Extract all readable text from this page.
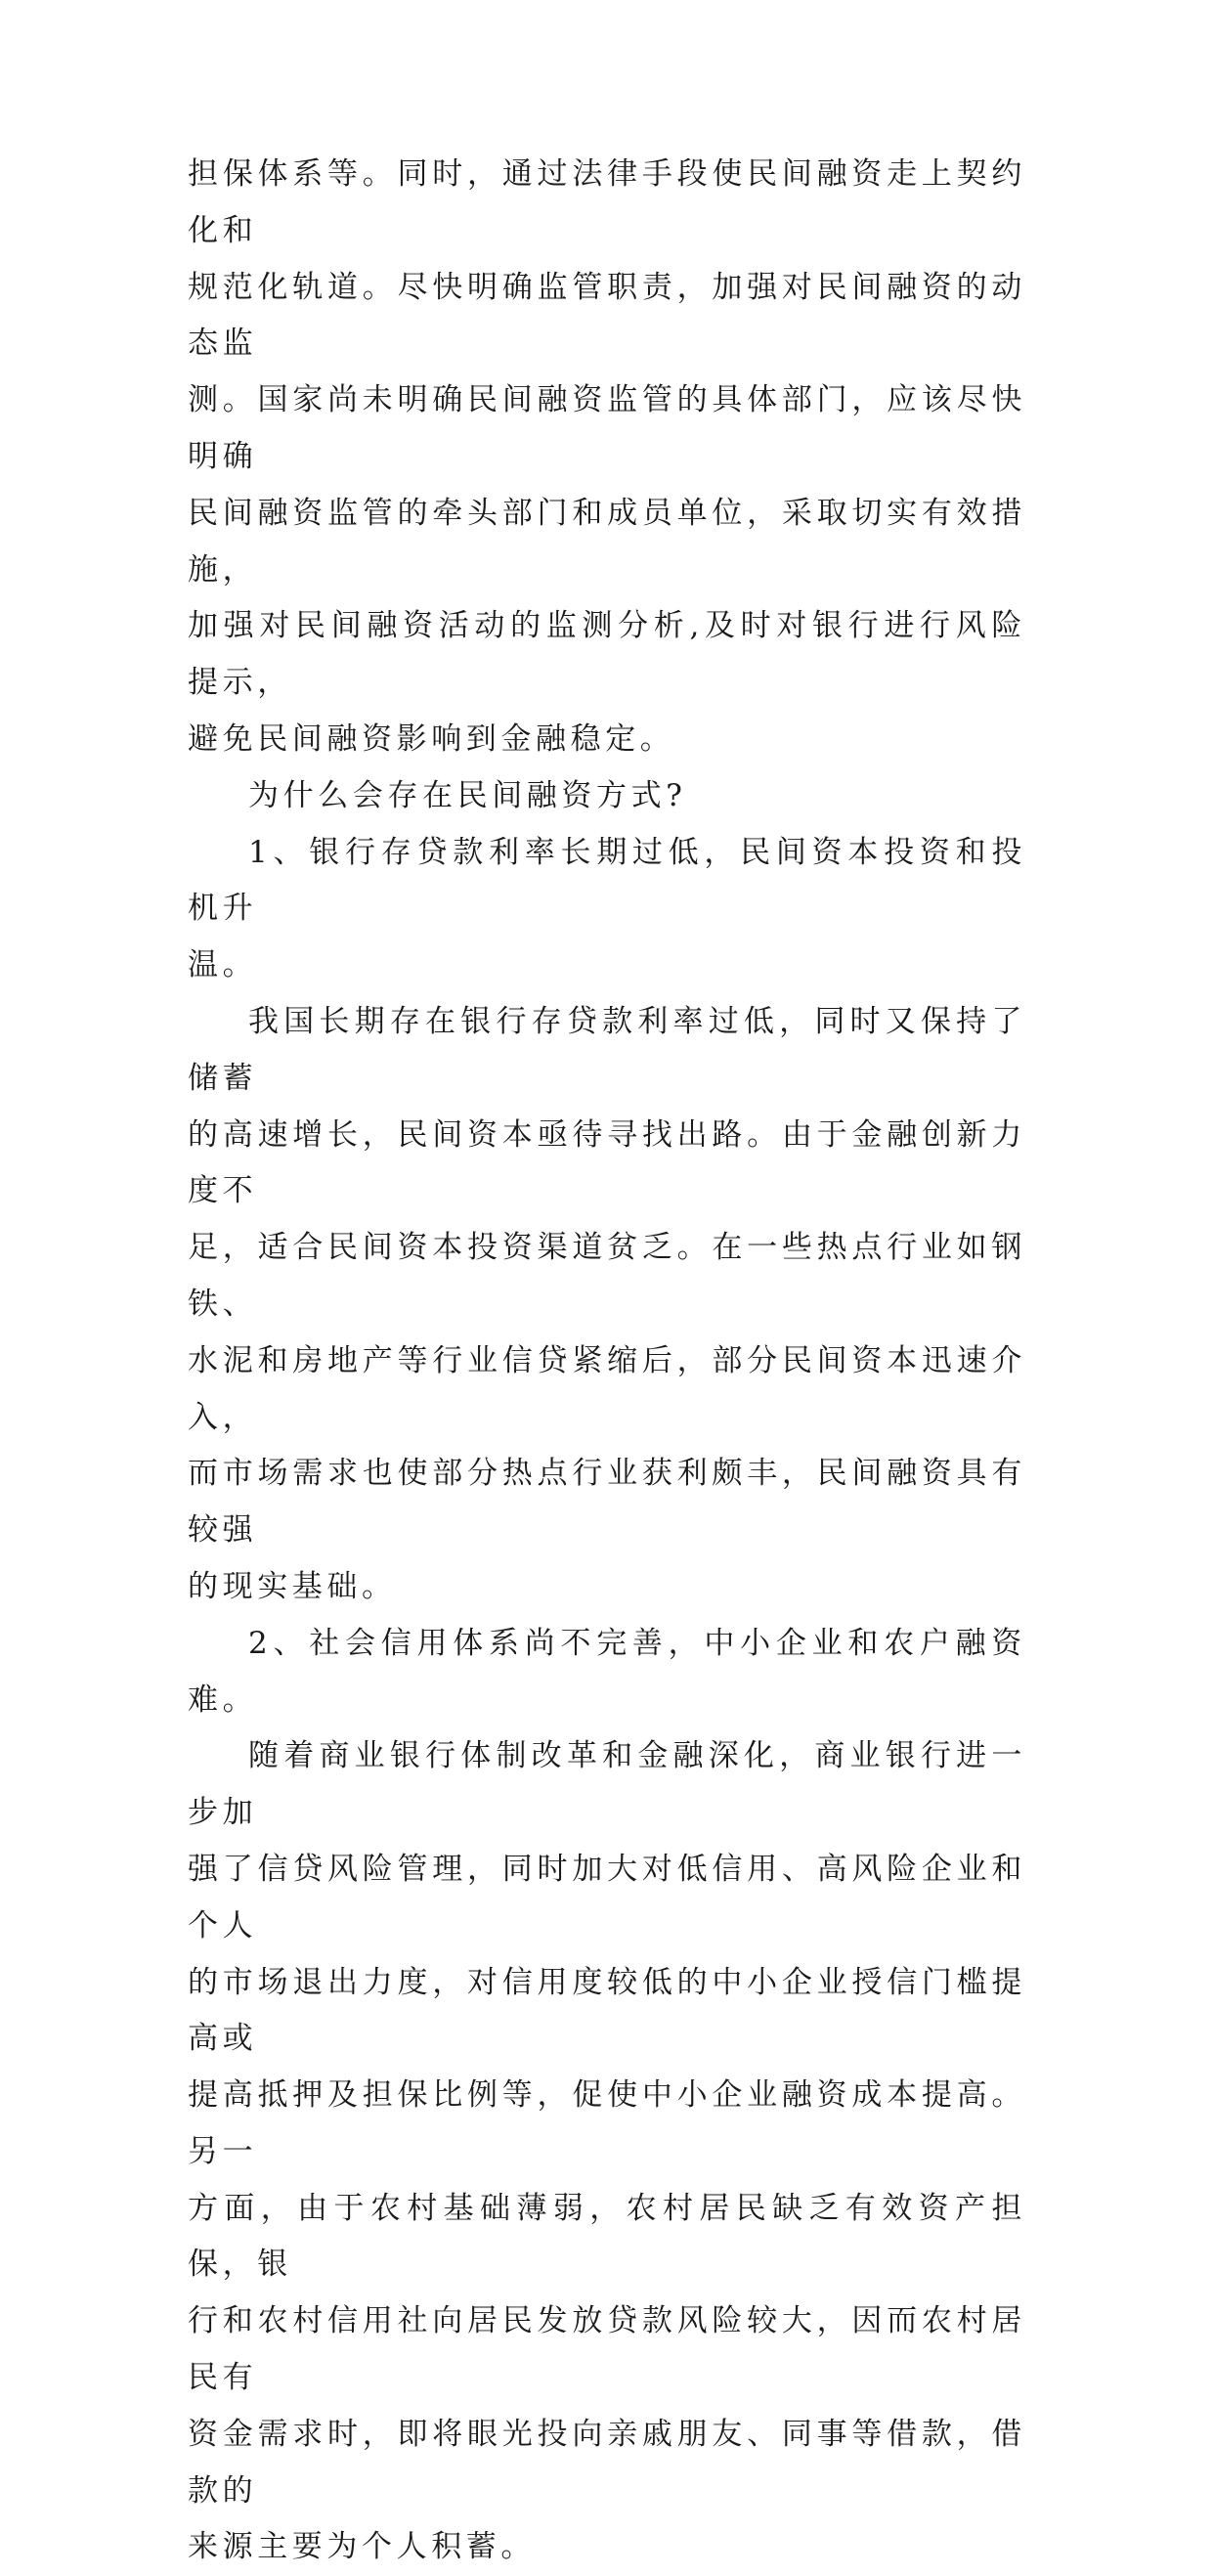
担保体系等。同时，通过法律手段使民间融资走上契约化和
规范化轨道。尽快明确监管职责，加强对民间融资的动态监
测。国家尚未明确民间融资监管的具体部门，应该尽快明确
民间融资监管的牵头部门和成员单位，采取切实有效措施，
加强对民间融资活动的监测分析,及时对银行进行风险提示，
避免民间融资影响到金融稳定。
为什么会存在民间融资方式?
1、银行存贷款利率长期过低，民间资本投资和投机升
温。
我国长期存在银行存贷款利率过低，同时又保持了储蓄
的高速增长，民间资本亟待寻找出路。由于金融创新力度不
足，适合民间资本投资渠道贫乏。在一些热点行业如钢铁、
水泥和房地产等行业信贷紧缩后，部分民间资本迅速介入，
而市场需求也使部分热点行业获利颇丰，民间融资具有较强
的现实基础。
2、社会信用体系尚不完善，中小企业和农户融资难。
随着商业银行体制改革和金融深化，商业银行进一步加
强了信贷风险管理，同时加大对低信用、高风险企业和个人
的市场退出力度，对信用度较低的中小企业授信门槛提高或
提高抵押及担保比例等，促使中小企业融资成本提高。另一
方面，由于农村基础薄弱，农村居民缺乏有效资产担保，银
行和农村信用社向居民发放贷款风险较大，因而农村居民有
资金需求时，即将眼光投向亲戚朋友、同事等借款，借款的
来源主要为个人积蓄。
